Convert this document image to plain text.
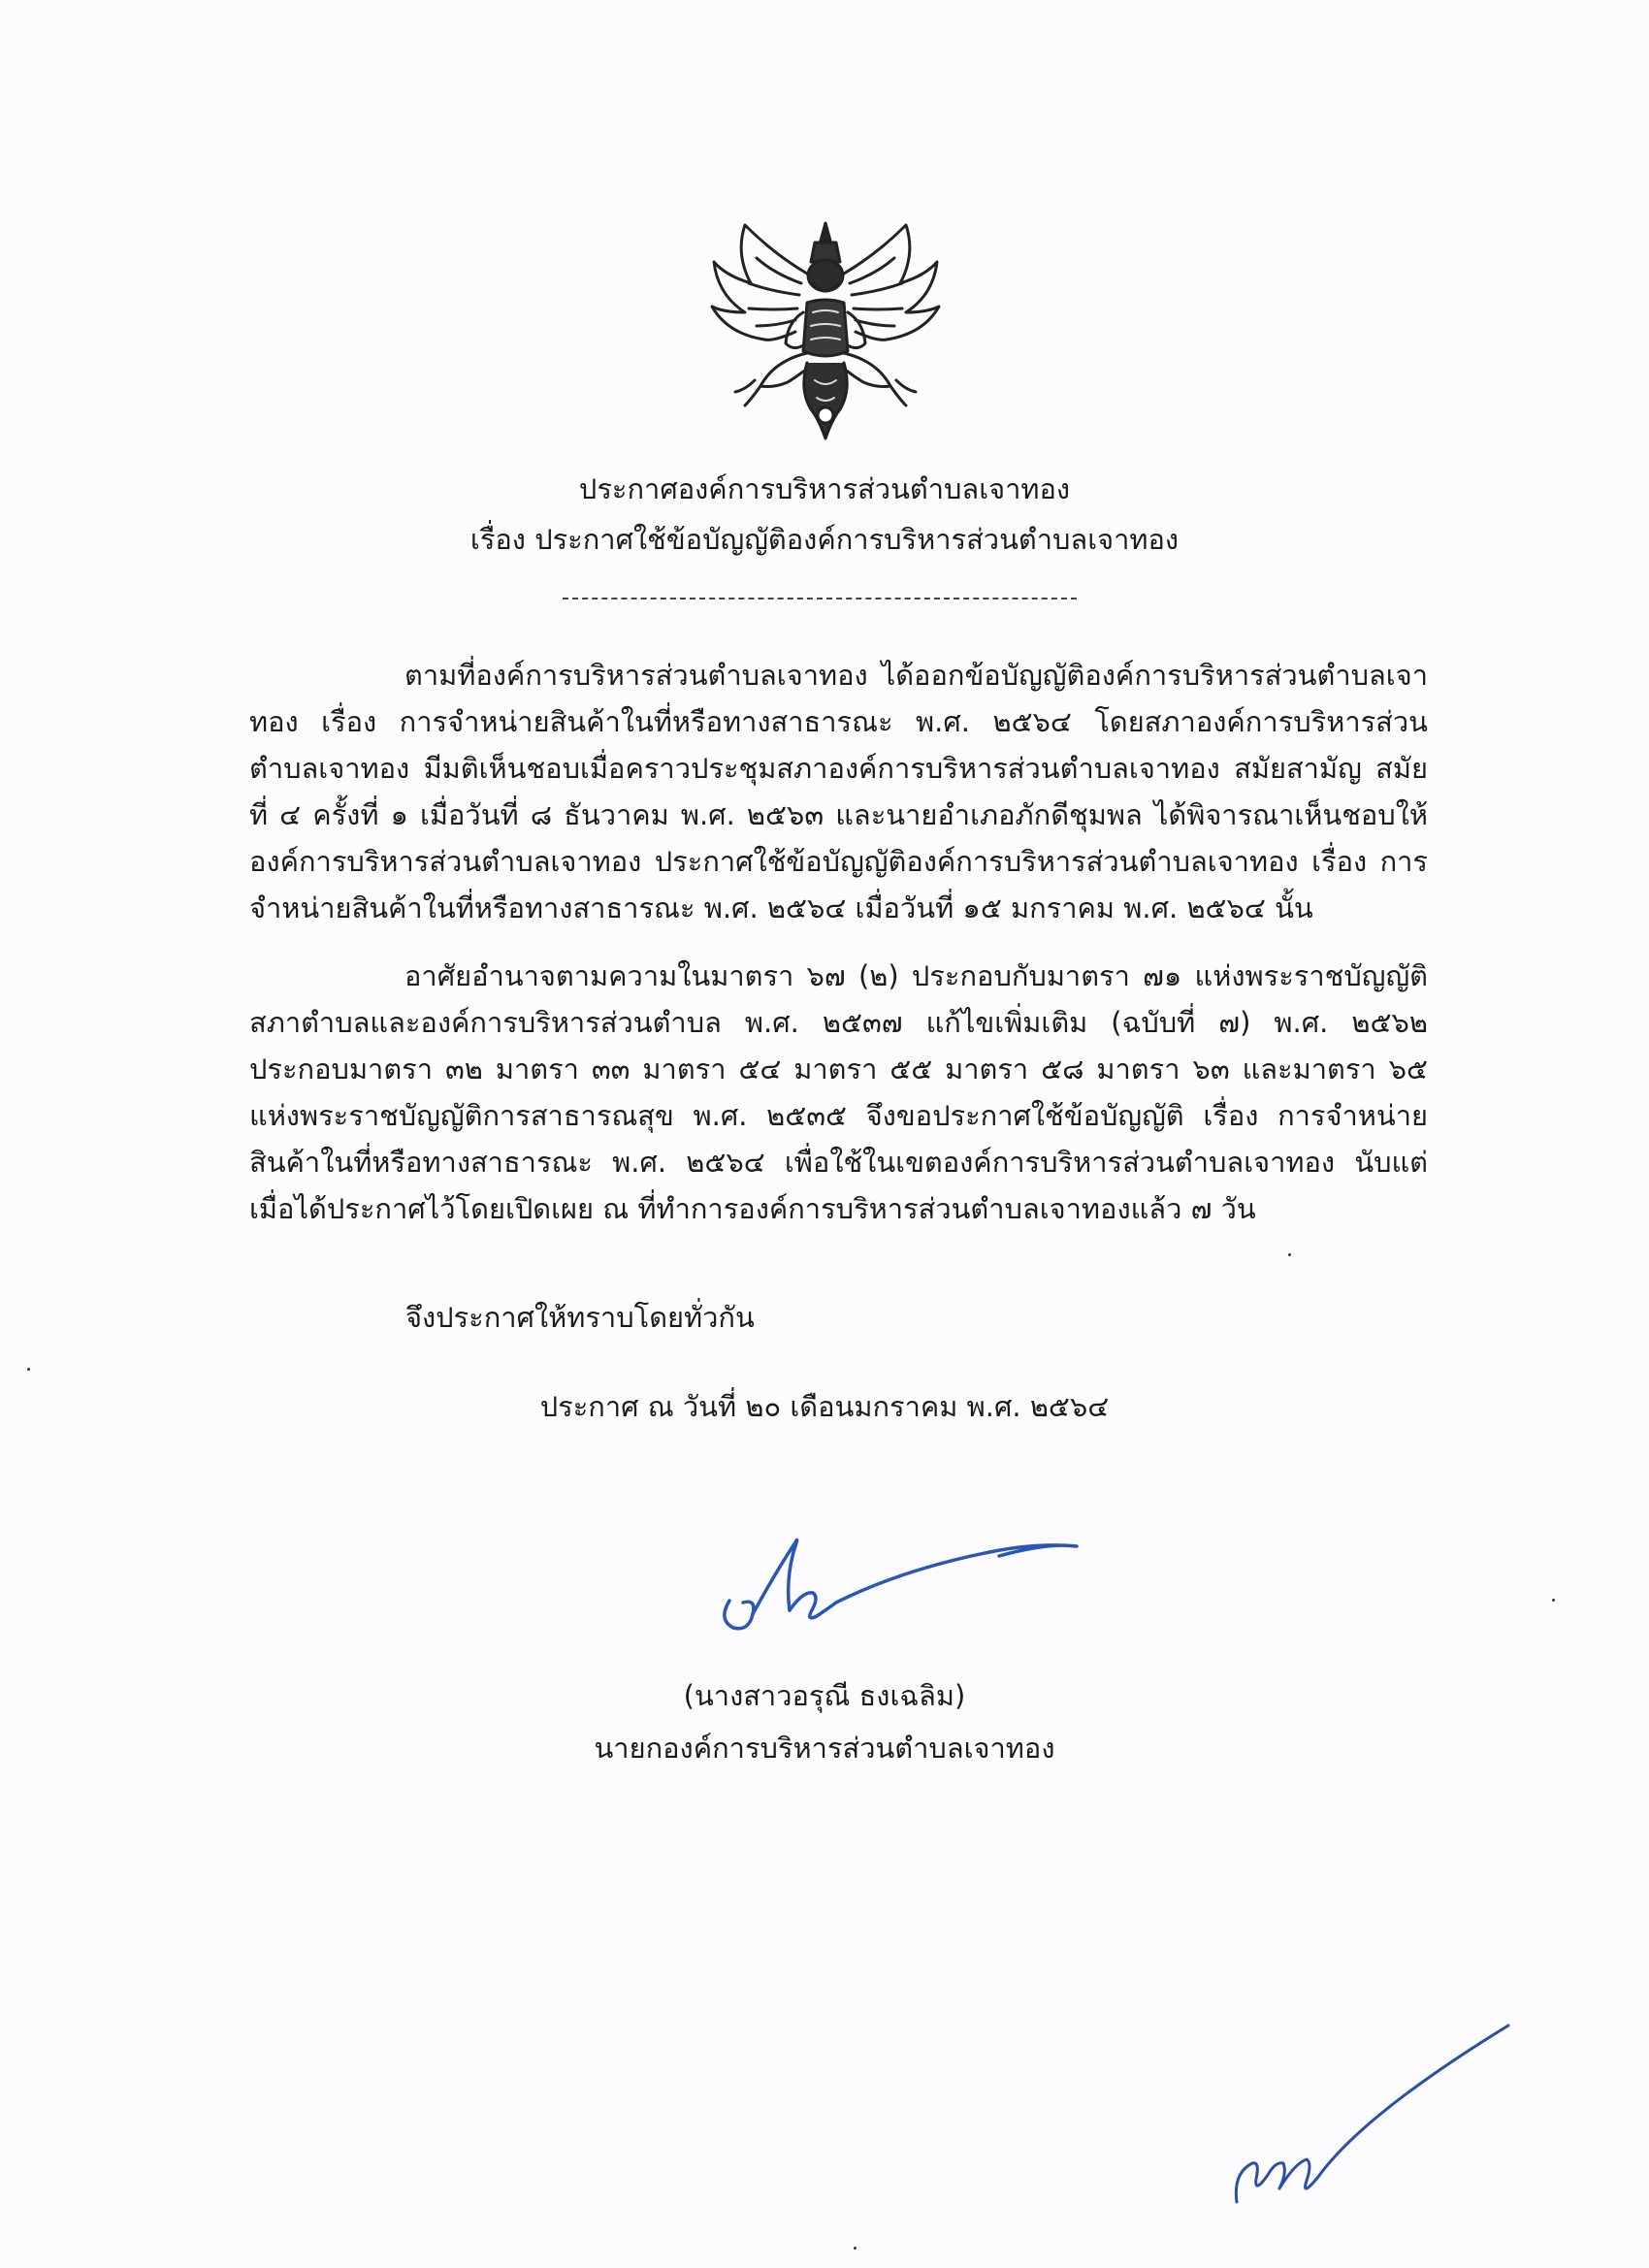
ประกาศองค์การบริหารส่วนตำบลเจาทอง
เรื่อง ประกาศใช้ข้อบัญญัติองค์การบริหารส่วนตำบลเจาทอง

ตามที่องค์การบริหารส่วนตำบลเจาทอง ได้ออกข้อบัญญัติองค์การบริหารส่วนตำบลเจาทอง เรื่อง การจำหน่ายสินค้าในที่หรือทางสาธารณะ พ.ศ. ๒๕๖๔ โดยสภาองค์การบริหารส่วนตำบลเจาทอง มีมติเห็นชอบเมื่อคราวประชุมสภาองค์การบริหารส่วนตำบลเจาทอง สมัยสามัญ สมัยที่ ๔ ครั้งที่ ๑ เมื่อวันที่ ๘ ธันวาคม พ.ศ. ๒๕๖๓ และนายอำเภอภักดีชุมพล ได้พิจารณาเห็นชอบให้องค์การบริหารส่วนตำบลเจาทอง ประกาศใช้ข้อบัญญัติองค์การบริหารส่วนตำบลเจาทอง เรื่อง การจำหน่ายสินค้าในที่หรือทางสาธารณะ พ.ศ. ๒๕๖๔ เมื่อวันที่ ๑๕ มกราคม พ.ศ. ๒๕๖๔ นั้น

อาศัยอำนาจตามความในมาตรา ๖๗ (๒) ประกอบกับมาตรา ๗๑ แห่งพระราชบัญญัติสภาตำบลและองค์การบริหารส่วนตำบล พ.ศ. ๒๕๓๗ แก้ไขเพิ่มเติม (ฉบับที่ ๗) พ.ศ. ๒๕๖๒ ประกอบมาตรา ๓๒ มาตรา ๓๓ มาตรา ๕๔ มาตรา ๕๕ มาตรา ๕๘ มาตรา ๖๓ และมาตรา ๖๕ แห่งพระราชบัญญัติการสาธารณสุข พ.ศ. ๒๕๓๕ จึงขอประกาศใช้ข้อบัญญัติ เรื่อง การจำหน่ายสินค้าในที่หรือทางสาธารณะ พ.ศ. ๒๕๖๔ เพื่อใช้ในเขตองค์การบริหารส่วนตำบลเจาทอง นับแต่เมื่อได้ประกาศไว้โดยเปิดเผย ณ ที่ทำการองค์การบริหารส่วนตำบลเจาทองแล้ว ๗ วัน

จึงประกาศให้ทราบโดยทั่วกัน
ประกาศ ณ วันที่ ๒๐ เดือนมกราคม พ.ศ. ๒๕๖๔
(นางสาวอรุณี ธงเฉลิม)
นายกองค์การบริหารส่วนตำบลเจาทอง
